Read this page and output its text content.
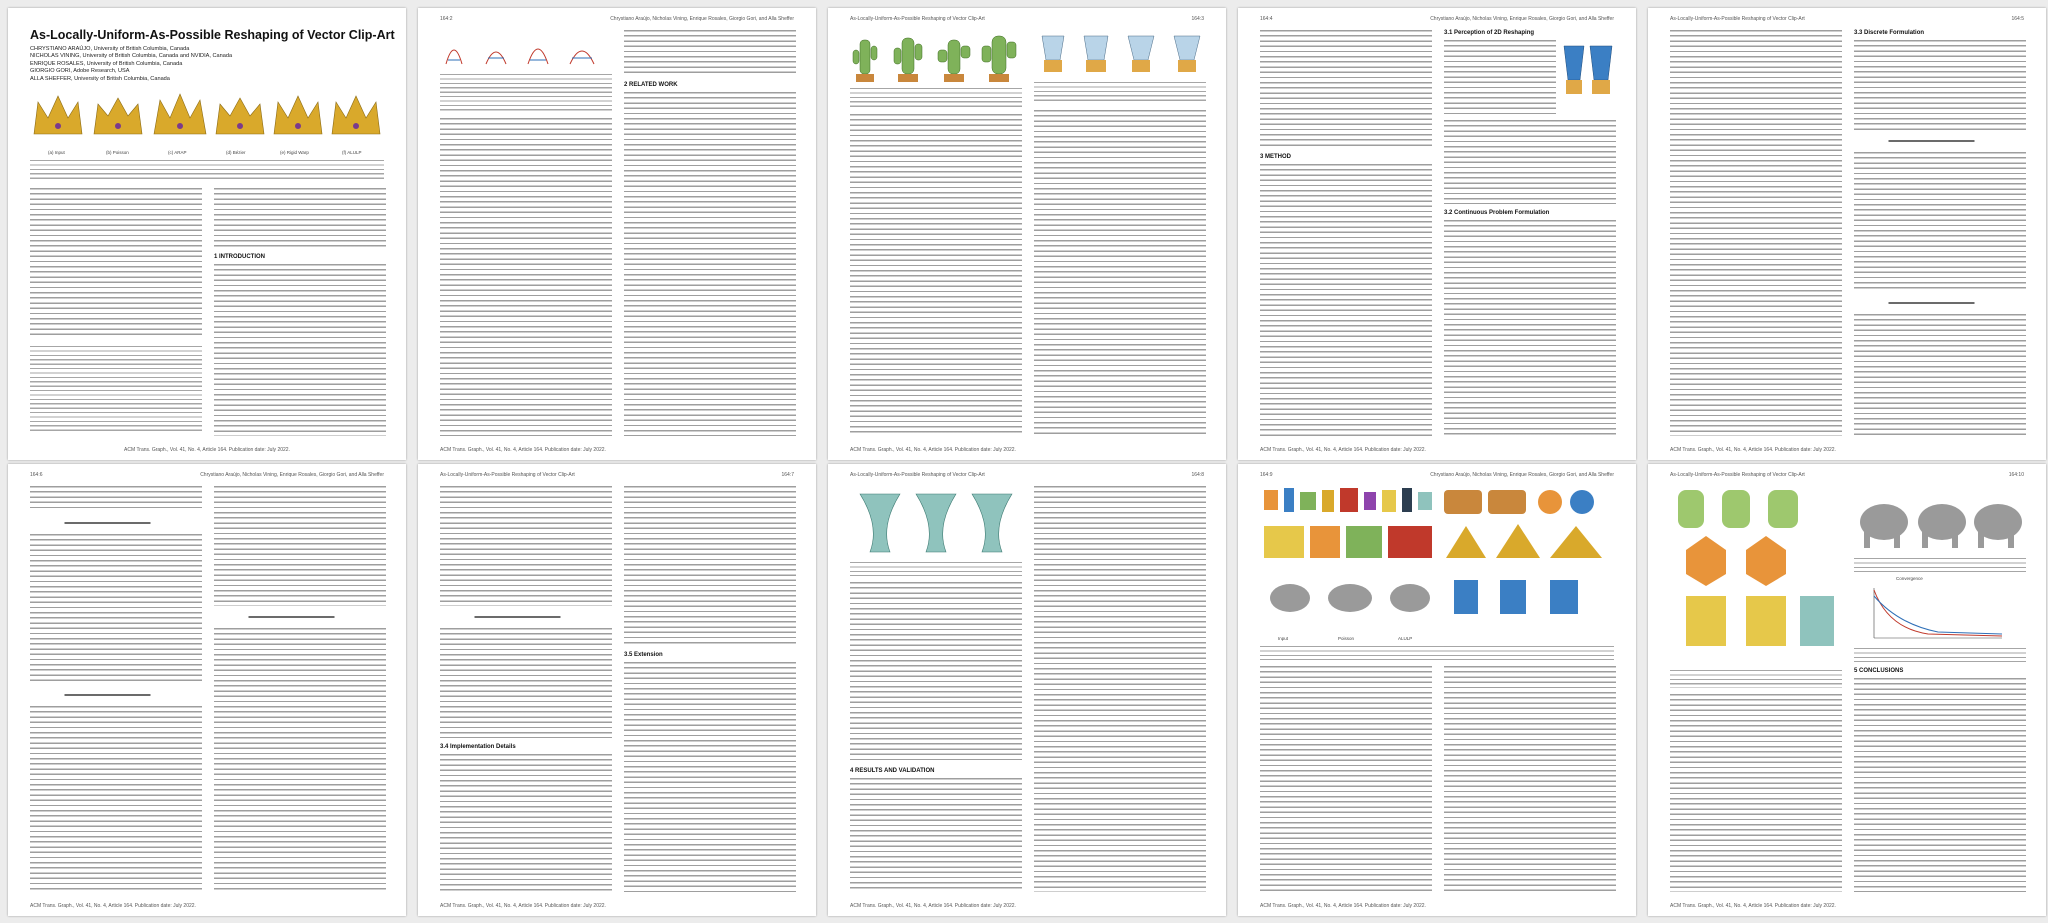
As-Locally-Uniform-As-Possible Reshaping of Vector Clip-Art
CHRYSTIANO ARAÚJO, University of British Columbia, Canada
NICHOLAS VINING, University of British Columbia, Canada and NVIDIA, Canada
ENRIQUE ROSALES, University of British Columbia, Canada
GIORGIO GORI, Adobe Research, USA
ALLA SHEFFER, University of British Columbia, Canada
(a) Input	(b) Poisson	(c) ARAP	(d) Bézier	(e) Rigid Warp	(f) ALULP
1 INTRODUCTION
ACM Trans. Graph., Vol. 41, No. 4, Article 164. Publication date: July 2022.
164:2	Chrystiano Araújo, Nicholas Vining, Enrique Rosales, Giorgio Gori, and Alla Sheffer
2 RELATED WORK
ACM Trans. Graph., Vol. 41, No. 4, Article 164. Publication date: July 2022.
As-Locally-Uniform-As-Possible Reshaping of Vector Clip-Art	164:3
ACM Trans. Graph., Vol. 41, No. 4, Article 164. Publication date: July 2022.
164:4	Chrystiano Araújo, Nicholas Vining, Enrique Rosales, Giorgio Gori, and Alla Sheffer
3 METHOD
3.1 Perception of 2D Reshaping
3.2 Continuous Problem Formulation
ACM Trans. Graph., Vol. 41, No. 4, Article 164. Publication date: July 2022.
As-Locally-Uniform-As-Possible Reshaping of Vector Clip-Art	164:5
3.3 Discrete Formulation
ACM Trans. Graph., Vol. 41, No. 4, Article 164. Publication date: July 2022.
164:6	Chrystiano Araújo, Nicholas Vining, Enrique Rosales, Giorgio Gori, and Alla Sheffer
ACM Trans. Graph., Vol. 41, No. 4, Article 164. Publication date: July 2022.
As-Locally-Uniform-As-Possible Reshaping of Vector Clip-Art	164:7
3.4 Implementation Details
3.5 Extension
ACM Trans. Graph., Vol. 41, No. 4, Article 164. Publication date: July 2022.
As-Locally-Uniform-As-Possible Reshaping of Vector Clip-Art	164:8
4 RESULTS AND VALIDATION
ACM Trans. Graph., Vol. 41, No. 4, Article 164. Publication date: July 2022.
164:9	Chrystiano Araújo, Nicholas Vining, Enrique Rosales, Giorgio Gori, and Alla Sheffer
Input	Poisson	ALULP
ACM Trans. Graph., Vol. 41, No. 4, Article 164. Publication date: July 2022.
As-Locally-Uniform-As-Possible Reshaping of Vector Clip-Art	164:10
Convergence
5 CONCLUSIONS
ACM Trans. Graph., Vol. 41, No. 4, Article 164. Publication date: July 2022.
